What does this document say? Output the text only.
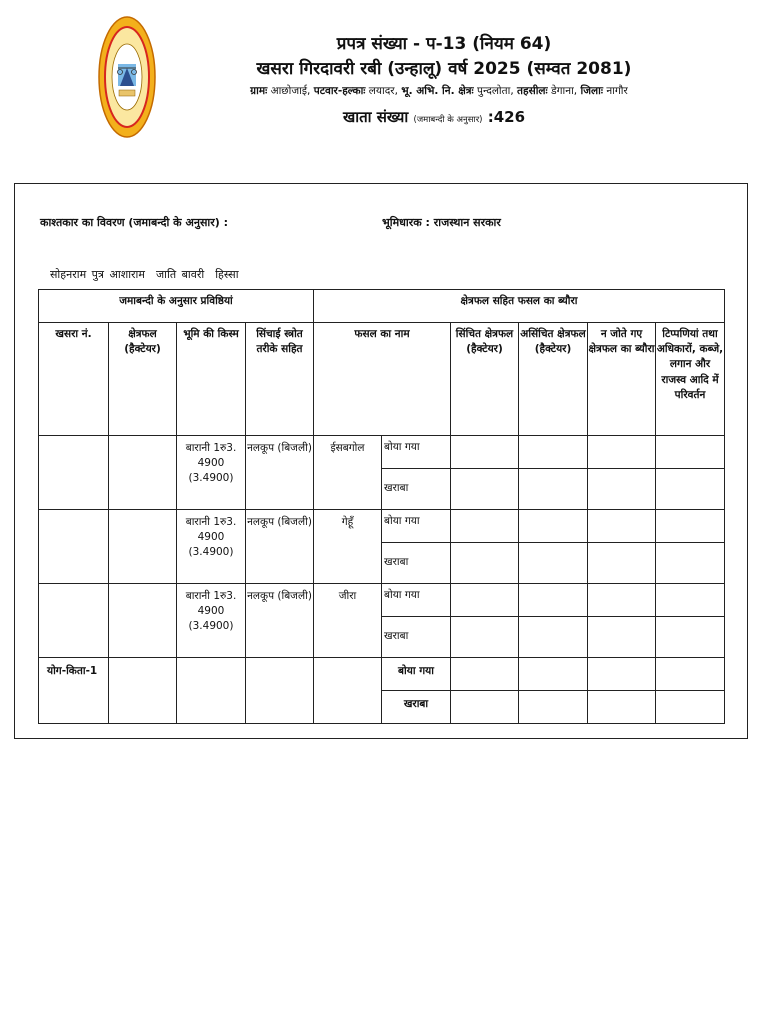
प्रपत्र संख्या - प-13 (नियम 64)
खसरा गिरदावरी रबी (उन्हालू) वर्ष 2025 (सम्वत 2081)
ग्रामः आछोजाई, पटवार-हल्काः लयादर, भू. अभि. नि. क्षेत्रः पुन्दलोता, तहसीलः डेगाना, जिलाः नागौर
खाता संख्या (जमाबन्दी के अनुसार) :426
काश्तकार का विवरण (जमाबन्दी के अनुसार) :	भूमिधारक : राजस्थान सरकार
सोहनराम पुत्र आशाराम जाति बावरी हिस्सा
जमाबन्दी के अनुसार प्रविष्ठियां				क्षेत्रफल सहित फसल का ब्यौरा					
खसरा नं.	क्षेत्रफल (हैक्टेयर)	भूमि की किस्म	सिंचाई स्त्रोत तरीके सहित	फसल का नाम		सिंचित क्षेत्रफल (हैक्टेयर)	असिंचित क्षेत्रफल (हैक्टेयर)	न जोते गए क्षेत्रफल का ब्यौरा	टिप्पणियां तथा अधिकारों, कब्जे, लगान और राजस्व आदि में परिवर्तन

		बारानी 1रु3.
4900
(3.4900)	नलकूप (बिजली)	ईसबगोल	बोया गया				
					खराबा				

		बारानी 1रु3.
4900
(3.4900)	नलकूप (बिजली)	गेहूँ	बोया गया				
					खराबा				

		बारानी 1रु3.
4900
(3.4900)	नलकूप (बिजली)	जीरा	बोया गया				
					खराबा				
योग-किता-1					बोया गया				
					खराबा				
